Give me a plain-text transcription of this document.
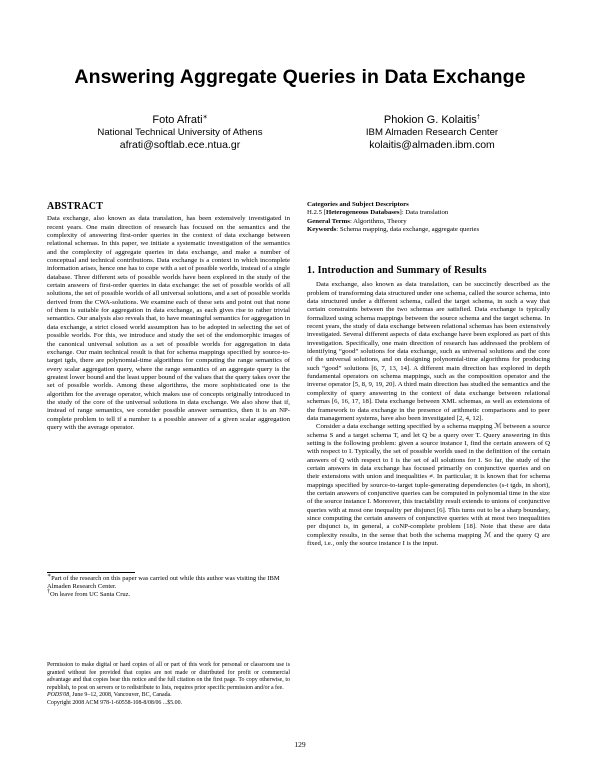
Answering Aggregate Queries in Data Exchange
Foto Afrati∗
National Technical University of Athens
afrati@softlab.ece.ntua.gr
Phokion G. Kolaitis†
IBM Almaden Research Center
kolaitis@almaden.ibm.com

ABSTRACT

Data exchange, also known as data translation, has been extensively investigated in recent years. One main direction of research has focused on the semantics and the complexity of answering first-order queries in the context of data exchange between relational schemas. In this paper, we initiate a systematic investigation of the semantics and the complexity of aggregate queries in data exchange, and make a number of conceptual and technical contributions. Data exchange is a context in which incomplete information arises, hence one has to cope with a set of possible worlds, instead of a single database. Three different sets of possible worlds have been explored in the study of the certain answers of first-order queries in data exchange: the set of possible worlds of all solutions, the set of possible worlds of all universal solutions, and a set of possible worlds derived from the CWA-solutions. We examine each of these sets and point out that none of them is suitable for aggregation in data exchange, as each gives rise to rather trivial semantics. Our analysis also reveals that, to have meaningful semantics for aggregation in data exchange, a strict closed world assumption has to be adopted in selecting the set of possible worlds. For this, we introduce and study the set of the endomorphic images of the canonical universal solution as a set of possible worlds for aggregation in data exchange. Our main technical result is that for schema mappings specified by source-to-target tgds, there are polynomial-time algorithms for computing the range semantics of every scalar aggregation query, where the range semantics of an aggregate query is the greatest lower bound and the least upper bound of the values that the query takes over the set of possible worlds. Among these algorithms, the more sophisticated one is the algorithm for the average operator, which makes use of concepts originally introduced in the study of the core of the universal solutions in data exchange. We also show that if, instead of range semantics, we consider possible answer semantics, then it is an NP-complete problem to tell if a number is a possible answer of a given scalar aggregation query with the average operator.

∗Part of the research on this paper was carried out while this author was visiting the IBM Almaden Research Center.
†On leave from UC Santa Cruz.
Permission to make digital or hard copies of all or part of this work for personal or classroom use is granted without fee provided that copies are not made or distributed for profit or commercial advantage and that copies bear this notice and the full citation on the first page. To copy otherwise, to republish, to post on servers or to redistribute to lists, requires prior specific permission and/or a fee.
PODS'08, June 9–12, 2008, Vancouver, BC, Canada.
Copyright 2008 ACM 978-1-60558-108-8/08/06 ...$5.00.

Categories and Subject Descriptors

H.2.5 [Heterogeneous Databases]: Data translation

General Terms: Algorithms, Theory

Keywords: Schema mapping, data exchange, aggregate queries

1. Introduction and Summary of Results

Data exchange, also known as data translation, can be succinctly described as the problem of transforming data structured under one schema, called the source schema, into data structured under a different schema, called the target schema, in such a way that certain constraints between the two schemas are satisfied. Data exchange is typically formalized using schema mappings between the source schema and the target schema. In recent years, the study of data exchange between relational schemas has been extensively investigated. Several different aspects of data exchange have been explored as part of this investigation. Specifically, one main direction of research has addressed the problem of identifying “good” solutions for data exchange, such as universal solutions and the core of the universal solutions, and on designing polynomial-time algorithms for producing such “good” solutions [6, 7, 13, 14]. A different main direction has explored in depth fundamental operators on schema mappings, such as the composition operator and the inverse operator [5, 8, 9, 19, 20]. A third main direction has studied the semantics and the complexity of query answering in the context of data exchange between relational schemas [6, 16, 17, 18]. Data exchange between XML schemas, as well as extensions of the framework to data exchange in the presence of arithmetic comparisons and to peer data management systems, have also been investigated [2, 4, 12].

Consider a data exchange setting specified by a schema mapping ℳ between a source schema S and a target schema T, and let Q be a query over T. Query answering in this setting is the following problem: given a source instance I, find the certain answers of Q with respect to I. Typically, the set of possible worlds used in the definition of the certain answers of Q with respect to I is the set of all solutions for I. So far, the study of the certain answers in data exchange has focused primarily on conjunctive queries and on their extensions with union and inequalities ≠. In particular, it is known that for schema mappings specified by source-to-target tuple-generating dependencies (s-t tgds, in short), the certain answers of conjunctive queries can be computed in polynomial time in the size of the source instance I. Moreover, this tractability result extends to unions of conjunctive queries with at most one inequality per disjunct [6]. This turns out to be a sharp boundary, since computing the certain answers of conjunctive queries with at most two inequalities per disjunct is, in general, a coNP-complete problem [18]. Note that these are data complexity results, in the sense that both the schema mapping ℳ and the query Q are fixed, i.e., only the source instance I is the input.

129
